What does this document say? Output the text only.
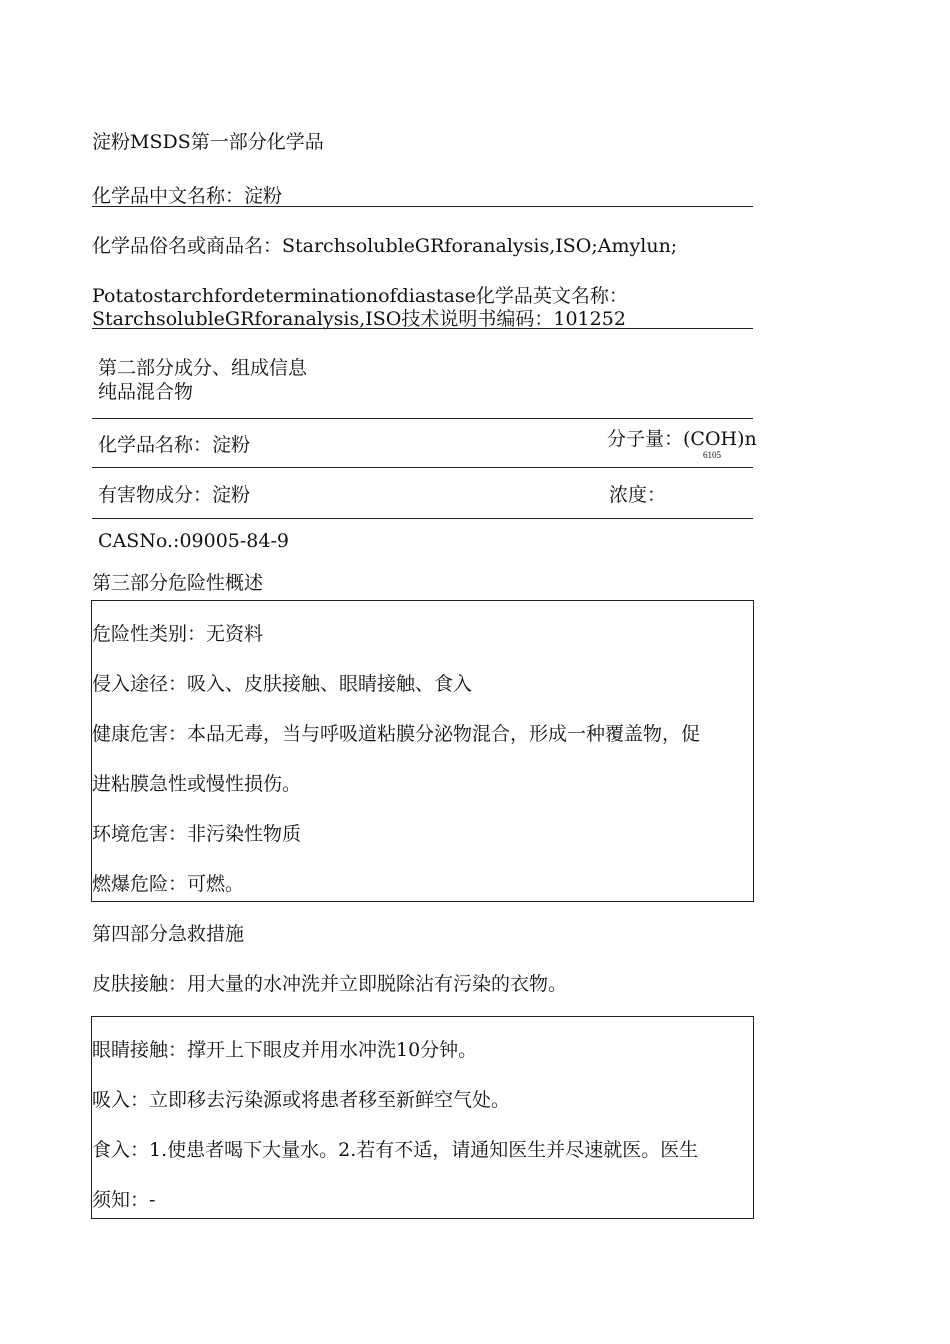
淀粉MSDS第一部分化学品
化学品中文名称：淀粉
化学品俗名或商品名：StarchsolubleGRforanalysis,ISO;Amylun;
Potatostarchfordeterminationofdiastase化学品英文名称：
StarchsolubleGRforanalysis,ISO技术说明书编码：101252
第二部分成分、组成信息
纯品混合物
化学品名称：淀粉	分子量：(COH)n
6105
有害物成分：淀粉	浓度：
CASNo.:09005-84-9
第三部分危险性概述
危险性类别：无资料
侵入途径：吸入、皮肤接触、眼睛接触、食入
健康危害：本品无毒，当与呼吸道粘膜分泌物混合，形成一种覆盖物，促
进粘膜急性或慢性损伤。
环境危害：非污染性物质
燃爆危险：可燃。
第四部分急救措施
皮肤接触：用大量的水冲洗并立即脱除沾有污染的衣物。
眼睛接触：撑开上下眼皮并用水冲洗10分钟。
吸入：立即移去污染源或将患者移至新鲜空气处。
食入：1.使患者喝下大量水。2.若有不适，请通知医生并尽速就医。医生
须知：-
